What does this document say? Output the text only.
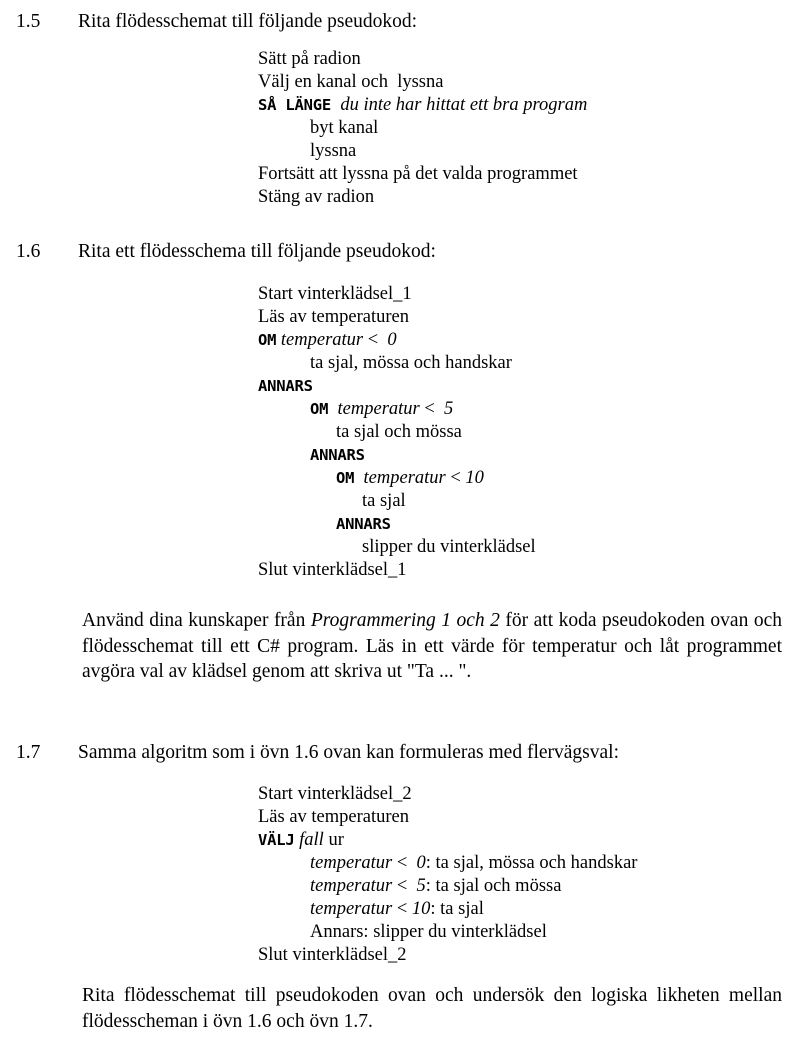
1.5 Rita flödesschemat till följande pseudokod:
Sätt på radion
Välj en kanal och  lyssna
SÅ LÄNGE du inte har hittat ett bra program
byt kanal
lyssna
Fortsätt att lyssna på det valda programmet
Stäng av radion
1.6 Rita ett flödesschema till följande pseudokod:
Start vinterklädsel_1
Läs av temperaturen
OM temperatur <  0
ta sjal, mössa och handskar
ANNARS
OM temperatur <  5
ta sjal och mössa
ANNARS
OM temperatur < 10
ta sjal
ANNARS
slipper du vinterklädsel
Slut vinterklädsel_1
Använd dina kunskaper från Programmering 1 och 2 för att koda pseudokoden ovan och flödesschemat till ett C# program. Läs in ett värde för temperatur och låt programmet avgöra val av klädsel genom att skriva ut "Ta ... ".
1.7 Samma algoritm som i övn 1.6 ovan kan formuleras med flervägsval:
Start vinterklädsel_2
Läs av temperaturen
VÄLJ fall ur
temperatur <  0: ta sjal, mössa och handskar
temperatur <  5: ta sjal och mössa
temperatur < 10: ta sjal
Annars: slipper du vinterklädsel
Slut vinterklädsel_2
Rita flödesschemat till pseudokoden ovan och undersök den logiska likheten mellan flödesscheman i övn 1.6 och övn 1.7.
